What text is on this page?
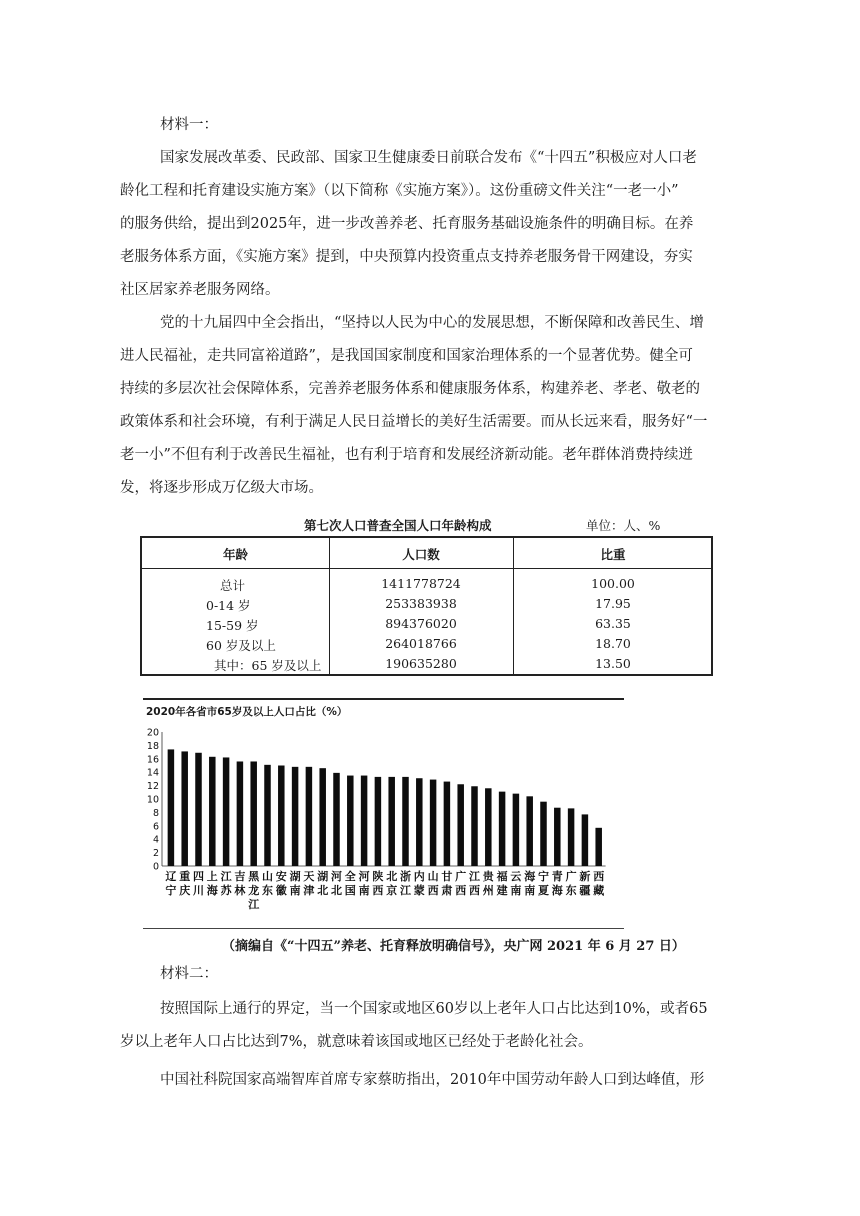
材料一：
国家发展改革委、民政部、国家卫生健康委日前联合发布《“十四五”积极应对人口老
龄化工程和托育建设实施方案》（以下简称《实施方案》）。这份重磅文件关注“一老一小”
的服务供给，提出到2025年，进一步改善养老、托育服务基础设施条件的明确目标。在养
老服务体系方面，《实施方案》提到，中央预算内投资重点支持养老服务骨干网建设，夯实
社区居家养老服务网络。
党的十九届四中全会指出，“坚持以人民为中心的发展思想，不断保障和改善民生、增
进人民福祉，走共同富裕道路”，是我国国家制度和国家治理体系的一个显著优势。健全可
持续的多层次社会保障体系，完善养老服务体系和健康服务体系，构建养老、孝老、敬老的
政策体系和社会环境，有利于满足人民日益增长的美好生活需要。而从长远来看，服务好“一
老一小”不但有利于改善民生福祉，也有利于培育和发展经济新动能。老年群体消费持续迸
发，将逐步形成万亿级大市场。
第七次人口普查全国人口年龄构成	单位：人、%
年龄	人口数	比重
总计	1411778724	100.00
0-14 岁	253383938	17.95
15-59 岁	894376020	63.35
60 岁及以上	264018766	18.70
其中：65 岁及以上	190635280	13.50
2020年各省市65岁及以上人口占比（%）
0
2
4
6
8
10
12
14
16
18
20
辽宁
重庆
四川
上海
江苏
吉林
黑龙江
山东
安徽
湖南
天津
湖北
河北
全国
河南
陕西
北京
浙江
内蒙
山西
甘肃
广西
江西
贵州
福建
云南
海南
宁夏
青海
广东
新疆
西藏
（摘编自《“十四五”养老、托育释放明确信号》，央广网 2021 年 6 月 27 日）
材料二：
按照国际上通行的界定，当一个国家或地区60岁以上老年人口占比达到10%，或者65
岁以上老年人口占比达到7%，就意味着该国或地区已经处于老龄化社会。
中国社科院国家高端智库首席专家蔡昉指出，2010年中国劳动年龄人口到达峰值，形
